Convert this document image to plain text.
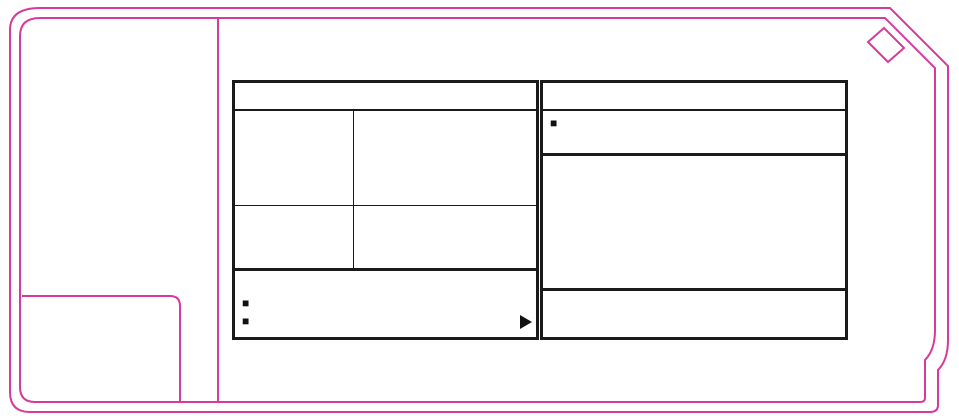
■
■
■
